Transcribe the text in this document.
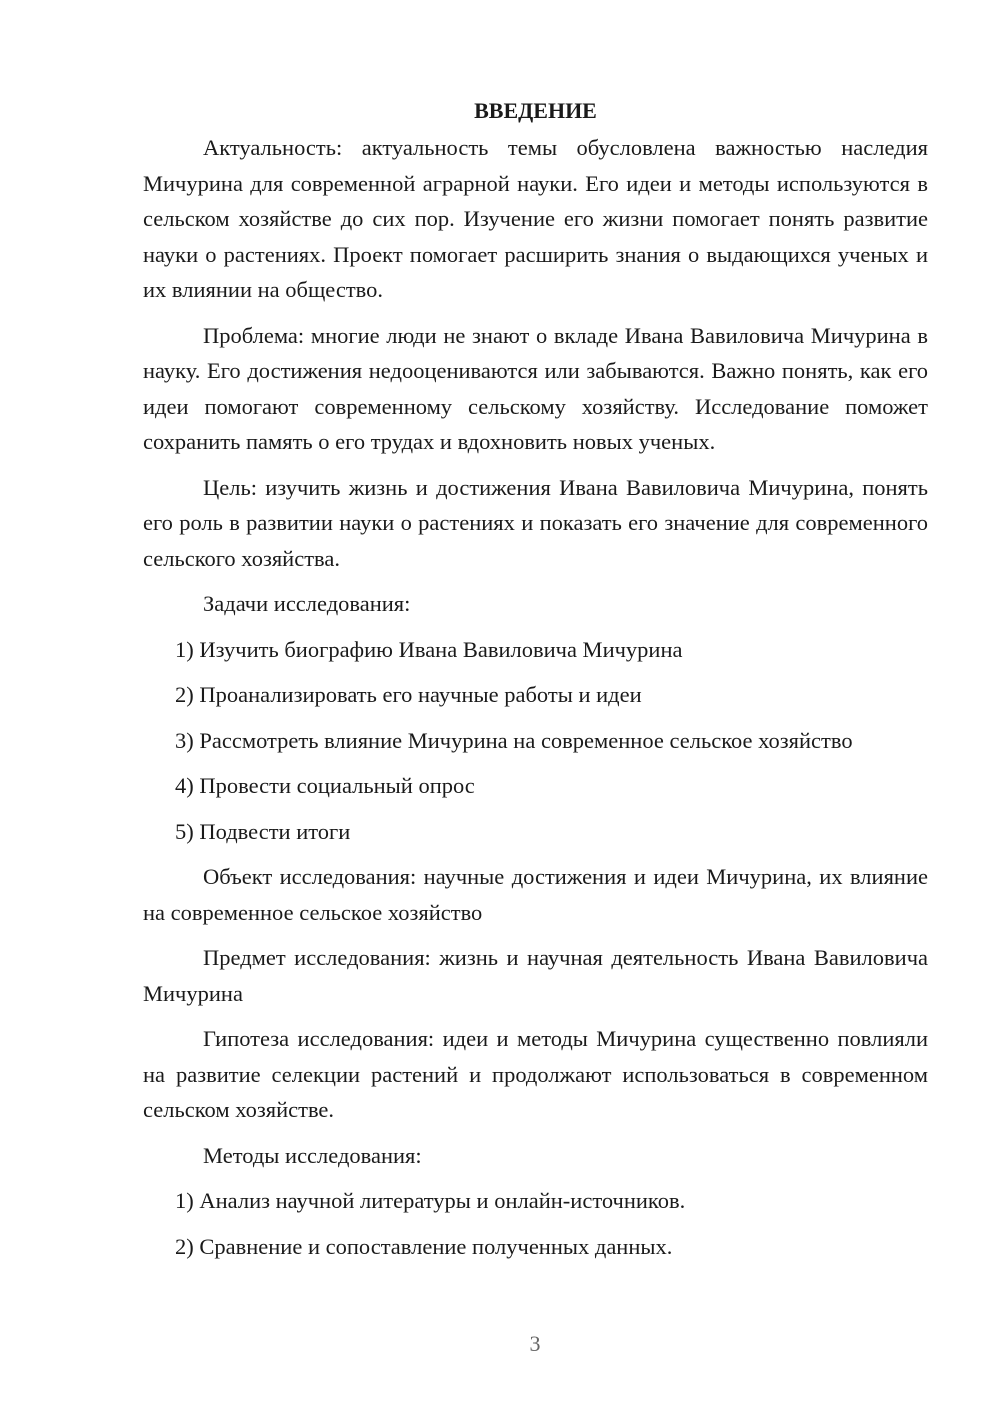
ВВЕДЕНИЕ

Актуальность: актуальность темы обусловлена важностью наследия Мичурина для современной аграрной науки. Его идеи и методы используются в сельском хозяйстве до сих пор. Изучение его жизни помогает понять развитие науки о растениях. Проект помогает расширить знания о выдающихся ученых и их влиянии на общество.

Проблема: многие люди не знают о вкладе Ивана Вавиловича Мичурина в науку. Его достижения недооцениваются или забываются. Важно понять, как его идеи помогают современному сельскому хозяйству. Исследование поможет сохранить память о его трудах и вдохновить новых ученых.

Цель: изучить жизнь и достижения Ивана Вавиловича Мичурина, понять его роль в развитии науки о растениях и показать его значение для современного сельского хозяйства.

Задачи исследования:

1) Изучить биографию Ивана Вавиловича Мичурина
2) Проанализировать его научные работы и идеи
3) Рассмотреть влияние Мичурина на современное сельское хозяйство
4) Провести социальный опрос
5) Подвести итоги

Объект исследования: научные достижения и идеи Мичурина, их влияние на современное сельское хозяйство

Предмет исследования: жизнь и научная деятельность Ивана Вавиловича Мичурина

Гипотеза исследования: идеи и методы Мичурина существенно повлияли на развитие селекции растений и продолжают использоваться в современном сельском хозяйстве.

Методы исследования:

1) Анализ научной литературы и онлайн-источников.
2) Сравнение и сопоставление полученных данных.
3
